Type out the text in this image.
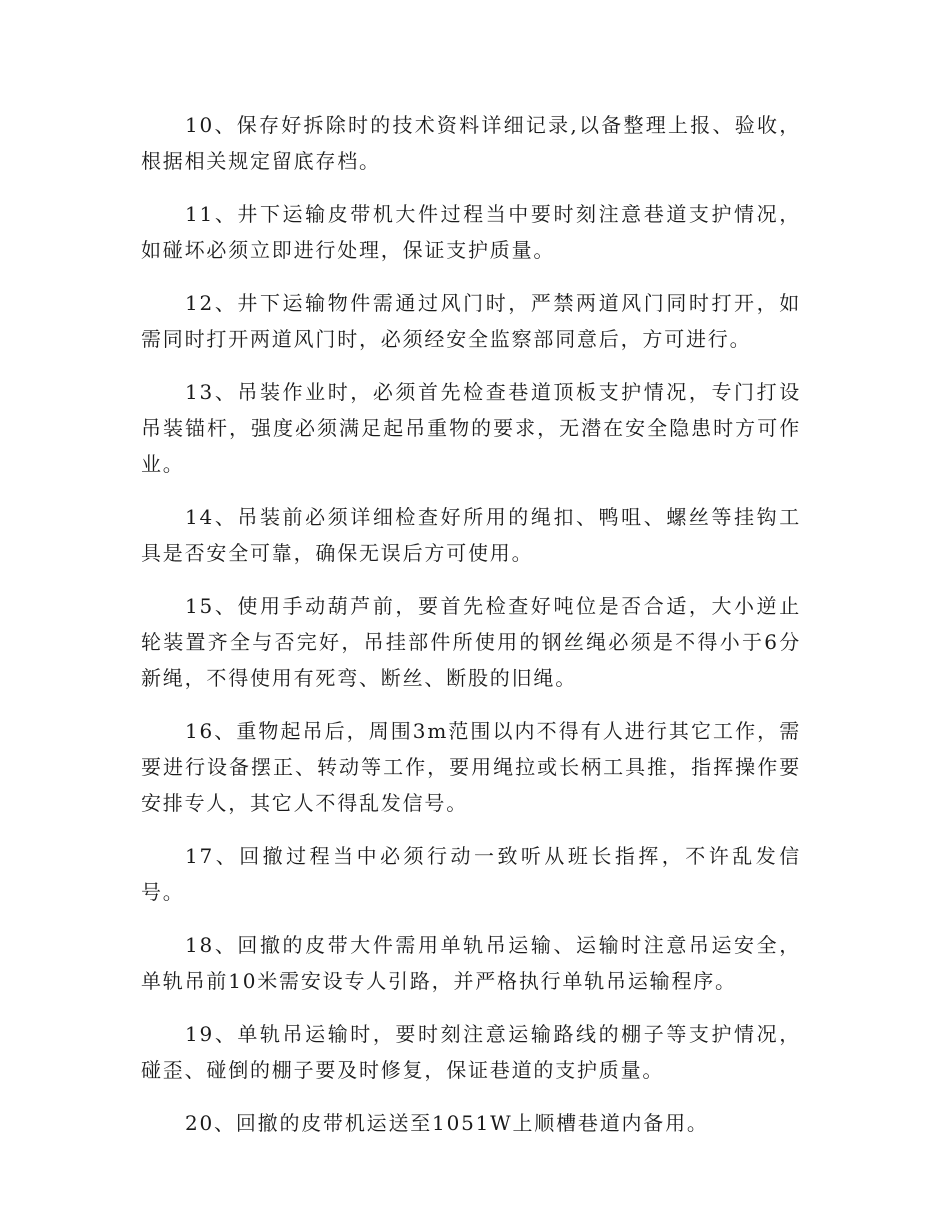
10、保存好拆除时的技术资料详细记录,以备整理上报、验收，根据相关规定留底存档。

11、井下运输皮带机大件过程当中要时刻注意巷道支护情况，如碰坏必须立即进行处理，保证支护质量。

12、井下运输物件需通过风门时，严禁两道风门同时打开，如需同时打开两道风门时，必须经安全监察部同意后，方可进行。

13、吊装作业时，必须首先检查巷道顶板支护情况，专门打设吊装锚杆，强度必须满足起吊重物的要求，无潜在安全隐患时方可作业。

14、吊装前必须详细检查好所用的绳扣、鸭咀、螺丝等挂钩工具是否安全可靠，确保无误后方可使用。

15、使用手动葫芦前，要首先检查好吨位是否合适，大小逆止轮装置齐全与否完好，吊挂部件所使用的钢丝绳必须是不得小于6分新绳，不得使用有死弯、断丝、断股的旧绳。

16、重物起吊后，周围3m范围以内不得有人进行其它工作，需要进行设备摆正、转动等工作，要用绳拉或长柄工具推，指挥操作要安排专人，其它人不得乱发信号。

17、回撤过程当中必须行动一致听从班长指挥，不许乱发信号。

18、回撤的皮带大件需用单轨吊运输、运输时注意吊运安全，单轨吊前10米需安设专人引路，并严格执行单轨吊运输程序。

19、单轨吊运输时，要时刻注意运输路线的棚子等支护情况，碰歪、碰倒的棚子要及时修复，保证巷道的支护质量。

20、回撤的皮带机运送至1051W上顺槽巷道内备用。
